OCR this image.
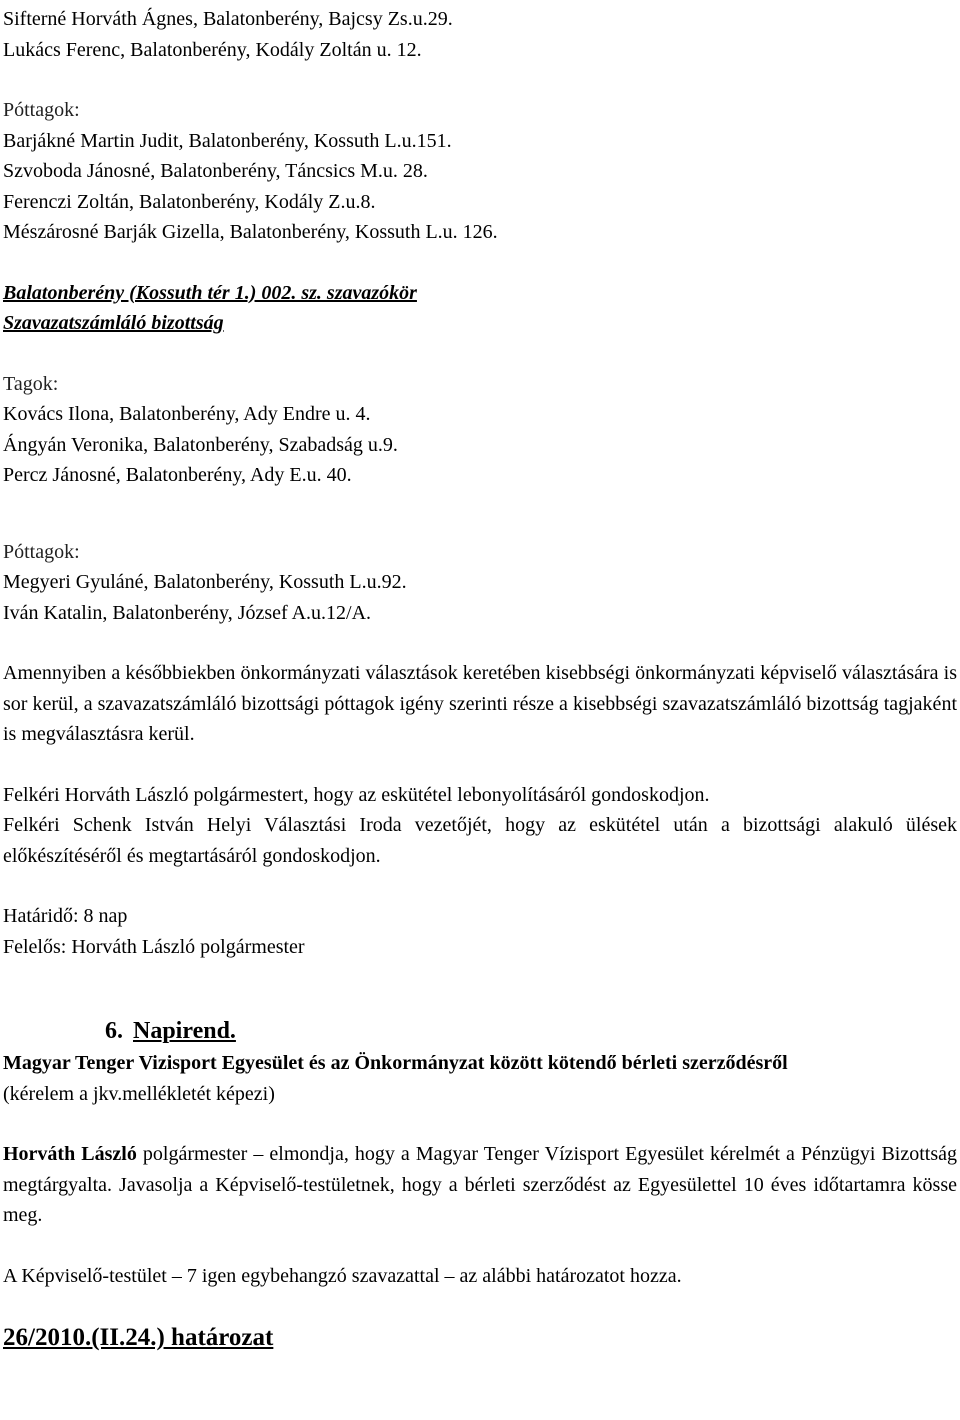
Sifterné Horváth Ágnes, Balatonberény, Bajcsy Zs.u.29.
Lukács Ferenc, Balatonberény, Kodály Zoltán u. 12.
Póttagok:
Barjákné Martin Judit, Balatonberény, Kossuth L.u.151.
Szvoboda Jánosné, Balatonberény, Táncsics M.u. 28.
Ferenczi Zoltán, Balatonberény, Kodály Z.u.8.
Mészárosné Barják Gizella, Balatonberény, Kossuth L.u. 126.
Balatonberény (Kossuth tér 1.) 002. sz. szavazókör
Szavazatszámláló bizottság
Tagok:
Kovács Ilona, Balatonberény, Ady Endre u. 4.
Ángyán Veronika, Balatonberény, Szabadság u.9.
Percz Jánosné, Balatonberény, Ady E.u. 40.
Póttagok:
Megyeri Gyuláné, Balatonberény, Kossuth L.u.92.
Iván Katalin, Balatonberény, József A.u.12/A.

Amennyiben a későbbiekben önkormányzati választások keretében kisebbségi önkormányzati képviselő választására is sor kerül, a szavazatszámláló bizottsági póttagok igény szerinti része a kisebbségi szavazatszámláló bizottság tagjaként is megválasztásra kerül.

Felkéri Horváth László polgármestert, hogy az eskütétel lebonyolításáról gondoskodjon.

Felkéri Schenk István Helyi Választási Iroda vezetőjét, hogy az eskütétel után a bizottsági alakuló ülések előkészítéséről és megtartásáról gondoskodjon.

Határidő: 8 nap
Felelős: Horváth László polgármester
6. Napirend.

Magyar Tenger Vizisport Egyesület és az Önkormányzat között kötendő bérleti szerződésről

(kérelem a jkv.mellékletét képezi)

Horváth László polgármester – elmondja, hogy a Magyar Tenger Vízisport Egyesület kérelmét a Pénzügyi Bizottság megtárgyalta. Javasolja a Képviselő-testületnek, hogy a bérleti szerződést az Egyesülettel 10 éves időtartamra kösse meg.

A Képviselő-testület – 7 igen egybehangzó szavazattal – az alábbi határozatot hozza.
26/2010.(II.24.) határozat
